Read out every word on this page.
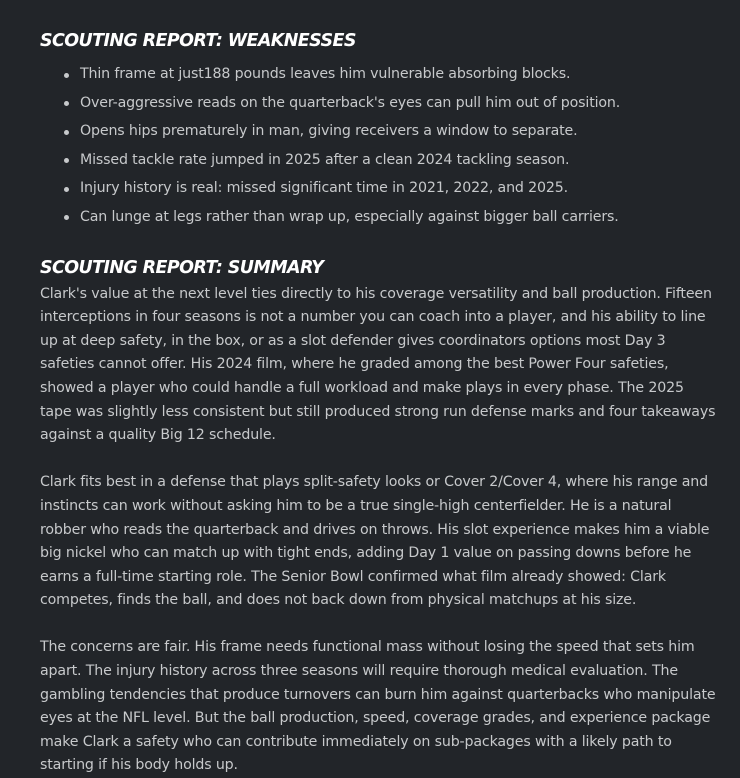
SCOUTING REPORT: WEAKNESSES
Thin frame at just188 pounds leaves him vulnerable absorbing blocks.
Over-aggressive reads on the quarterback's eyes can pull him out of position.
Opens hips prematurely in man, giving receivers a window to separate.
Missed tackle rate jumped in 2025 after a clean 2024 tackling season.
Injury history is real: missed significant time in 2021, 2022, and 2025.
Can lunge at legs rather than wrap up, especially against bigger ball carriers.
SCOUTING REPORT: SUMMARY

Clark's value at the next level ties directly to his coverage versatility and ball production. Fifteen interceptions in four seasons is not a number you can coach into a player, and his ability to line up at deep safety, in the box, or as a slot defender gives coordinators options most Day 3 safeties cannot offer. His 2024 film, where he graded among the best Power Four safeties, showed a player who could handle a full workload and make plays in every phase. The 2025 tape was slightly less consistent but still produced strong run defense marks and four takeaways against a quality Big 12 schedule.

Clark fits best in a defense that plays split-safety looks or Cover 2/Cover 4, where his range and instincts can work without asking him to be a true single-high centerfielder. He is a natural robber who reads the quarterback and drives on throws. His slot experience makes him a viable big nickel who can match up with tight ends, adding Day 1 value on passing downs before he earns a full-time starting role. The Senior Bowl confirmed what film already showed: Clark competes, finds the ball, and does not back down from physical matchups at his size.

The concerns are fair. His frame needs functional mass without losing the speed that sets him apart. The injury history across three seasons will require thorough medical evaluation. The gambling tendencies that produce turnovers can burn him against quarterbacks who manipulate eyes at the NFL level. But the ball production, speed, coverage grades, and experience package make Clark a safety who can contribute immediately on sub-packages with a likely path to starting if his body holds up.
